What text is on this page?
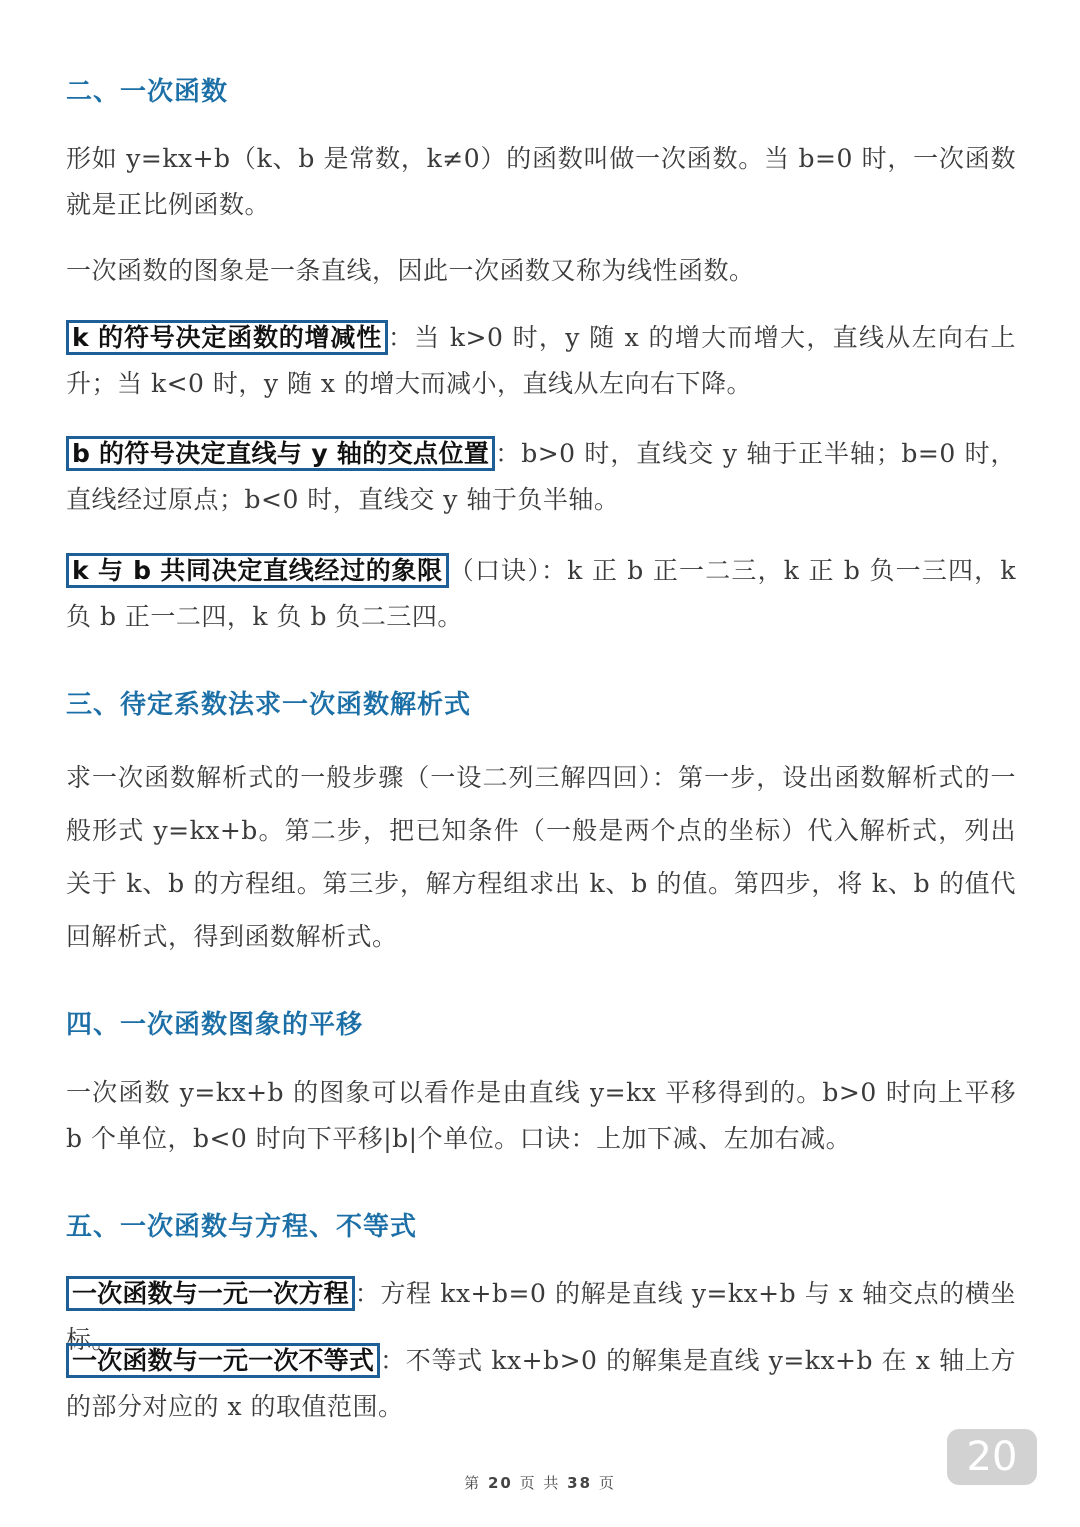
二、一次函数
形如 y=kx+b（k、b 是常数，k≠0）的函数叫做一次函数。当 b=0 时，一次函数就是正比例函数。
一次函数的图象是一条直线，因此一次函数又称为线性函数。
k 的符号决定函数的增减性 ：当 k>0 时，y 随 x 的增大而增大，直线从左向右上升；当 k<0 时，y 随 x 的增大而减小，直线从左向右下降。
b 的符号决定直线与 y 轴的交点位置 ：b>0 时，直线交 y 轴于正半轴；b=0 时，直线经过原点；b<0 时，直线交 y 轴于负半轴。
k 与 b 共同决定直线经过的象限 （口诀）：k 正 b 正一二三，k 正 b 负一三四，k 负 b 正一二四，k 负 b 负二三四。
三、待定系数法求一次函数解析式
求一次函数解析式的一般步骤（一设二列三解四回）：第一步，设出函数解析式的一般形式 y=kx+b。第二步，把已知条件（一般是两个点的坐标）代入解析式，列出关于 k、b 的方程组。第三步，解方程组求出 k、b 的值。第四步，将 k、b 的值代回解析式，得到函数解析式。
四、一次函数图象的平移
一次函数 y=kx+b 的图象可以看作是由直线 y=kx 平移得到的。b>0 时向上平移 b 个单位，b<0 时向下平移|b|个单位。口诀：上加下减、左加右减。
五、一次函数与方程、不等式
一次函数与一元一次方程 ：方程 kx+b=0 的解是直线 y=kx+b 与 x 轴交点的横坐标。
一次函数与一元一次不等式 ：不等式 kx+b>0 的解集是直线 y=kx+b 在 x 轴上方的部分对应的 x 的取值范围。
20
第 20 页 共 38 页
